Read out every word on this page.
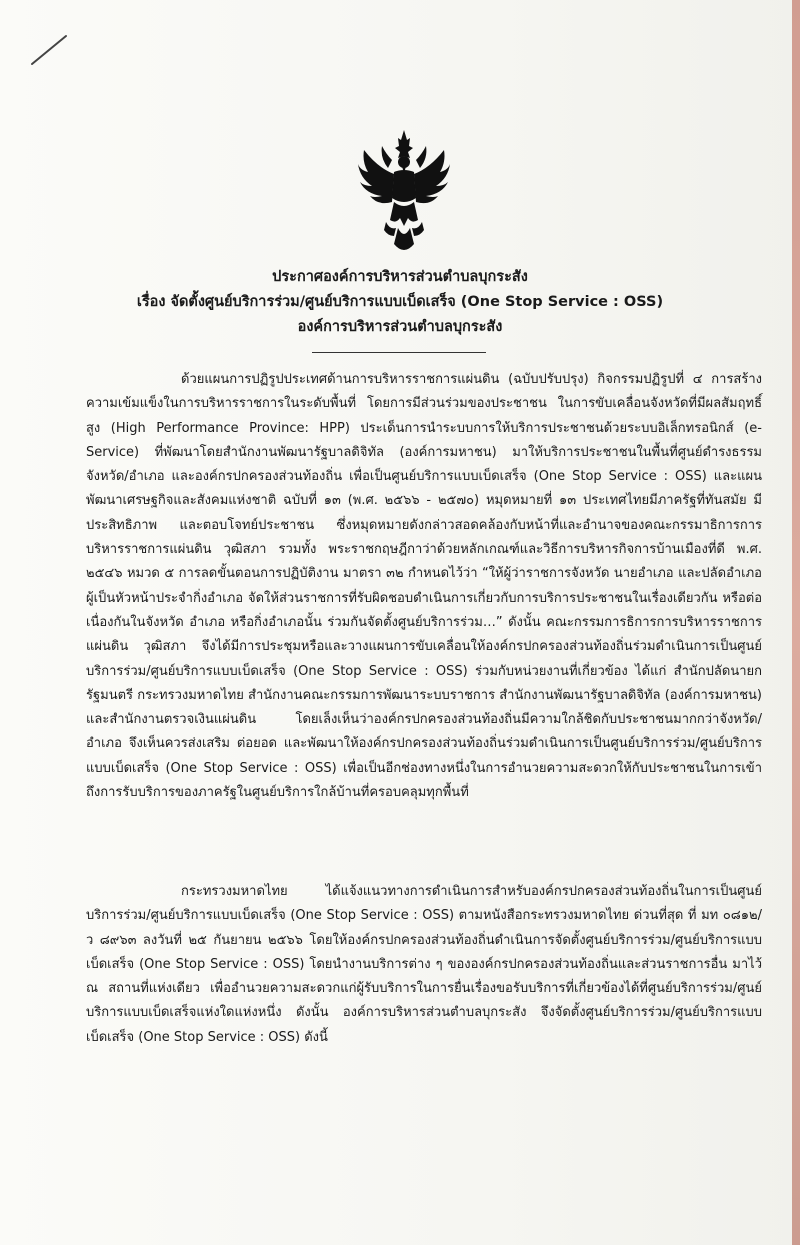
ประกาศองค์การบริหารส่วนตำบลบุกระสัง
เรื่อง จัดตั้งศูนย์บริการร่วม/ศูนย์บริการแบบเบ็ดเสร็จ (One Stop Service : OSS)
องค์การบริหารส่วนตำบลบุกระสัง

ด้วยแผนการปฏิรูปประเทศด้านการบริหารราชการแผ่นดิน (ฉบับปรับปรุง) กิจกรรมปฏิรูปที่ ๔ การสร้างความเข้มแข็งในการบริหารราชการในระดับพื้นที่ โดยการมีส่วนร่วมของประชาชน ในการขับเคลื่อนจังหวัดที่มีผลสัมฤทธิ์สูง (High Performance Province: HPP) ประเด็นการนำระบบการให้บริการประชาชนด้วยระบบอิเล็กทรอนิกส์ (e-Service) ที่พัฒนาโดยสำนักงานพัฒนารัฐบาลดิจิทัล (องค์การมหาชน) มาให้บริการประชาชนในพื้นที่ศูนย์ดำรงธรรมจังหวัด/อำเภอ และองค์กรปกครองส่วนท้องถิ่น เพื่อเป็นศูนย์บริการแบบเบ็ดเสร็จ (One Stop Service : OSS) และแผนพัฒนาเศรษฐกิจและสังคมแห่งชาติ ฉบับที่ ๑๓ (พ.ศ. ๒๕๖๖ - ๒๕๗๐) หมุดหมายที่ ๑๓ ประเทศไทยมีภาครัฐที่ทันสมัย มีประสิทธิภาพ และตอบโจทย์ประชาชน ซึ่งหมุดหมายดังกล่าวสอดคล้องกับหน้าที่และอำนาจของคณะกรรมาธิการการบริหารราชการแผ่นดิน วุฒิสภา รวมทั้ง พระราชกฤษฎีกาว่าด้วยหลักเกณฑ์และวิธีการบริหารกิจการบ้านเมืองที่ดี พ.ศ. ๒๕๔๖ หมวด ๕ การลดขั้นตอนการปฏิบัติงาน มาตรา ๓๒ กำหนดไว้ว่า “ให้ผู้ว่าราชการจังหวัด นายอำเภอ และปลัดอำเภอ ผู้เป็นหัวหน้าประจำกิ่งอำเภอ จัดให้ส่วนราชการที่รับผิดชอบดำเนินการเกี่ยวกับการบริการประชาชนในเรื่องเดียวกัน หรือต่อเนื่องกันในจังหวัด อำเภอ หรือกิ่งอำเภอนั้น ร่วมกันจัดตั้งศูนย์บริการร่วม…” ดังนั้น คณะกรรมการธิการการบริหารราชการแผ่นดิน วุฒิสภา จึงได้มีการประชุมหรือและวางแผนการขับเคลื่อนให้องค์กรปกครองส่วนท้องถิ่นร่วมดำเนินการเป็นศูนย์บริการร่วม/ศูนย์บริการแบบเบ็ดเสร็จ (One Stop Service : OSS) ร่วมกับหน่วยงานที่เกี่ยวข้อง ได้แก่ สำนักปลัดนายกรัฐมนตรี กระทรวงมหาดไทย สำนักงานคณะกรรมการพัฒนาระบบราชการ สำนักงานพัฒนารัฐบาลดิจิทัล (องค์การมหาชน) และสำนักงานตรวจเงินแผ่นดิน โดยเล็งเห็นว่าองค์กรปกครองส่วนท้องถิ่นมีความใกล้ชิดกับประชาชนมากกว่าจังหวัด/อำเภอ จึงเห็นควรส่งเสริม ต่อยอด และพัฒนาให้องค์กรปกครองส่วนท้องถิ่นร่วมดำเนินการเป็นศูนย์บริการร่วม/ศูนย์บริการแบบเบ็ดเสร็จ (One Stop Service : OSS) เพื่อเป็นอีกช่องทางหนึ่งในการอำนวยความสะดวกให้กับประชาชนในการเข้าถึงการรับบริการของภาครัฐในศูนย์บริการใกล้บ้านที่ครอบคลุมทุกพื้นที่

กระทรวงมหาดไทย ได้แจ้งแนวทางการดำเนินการสำหรับองค์กรปกครองส่วนท้องถิ่นในการเป็นศูนย์บริการร่วม/ศูนย์บริการแบบเบ็ดเสร็จ (One Stop Service : OSS) ตามหนังสือกระทรวงมหาดไทย ด่วนที่สุด ที่ มท ๐๘๑๒/ว ๘๙๖๓ ลงวันที่ ๒๕ กันยายน ๒๕๖๖ โดยให้องค์กรปกครองส่วนท้องถิ่นดำเนินการจัดตั้งศูนย์บริการร่วม/ศูนย์บริการแบบเบ็ดเสร็จ (One Stop Service : OSS) โดยนำงานบริการต่าง ๆ ขององค์กรปกครองส่วนท้องถิ่นและส่วนราชการอื่น มาไว้ ณ สถานที่แห่งเดียว เพื่ออำนวยความสะดวกแก่ผู้รับบริการในการยื่นเรื่องขอรับบริการที่เกี่ยวข้องได้ที่ศูนย์บริการร่วม/ศูนย์บริการแบบเบ็ดเสร็จแห่งใดแห่งหนึ่ง ดังนั้น องค์การบริหารส่วนตำบลบุกระสัง จึงจัดตั้งศูนย์บริการร่วม/ศูนย์บริการแบบเบ็ดเสร็จ (One Stop Service : OSS) ดังนี้
